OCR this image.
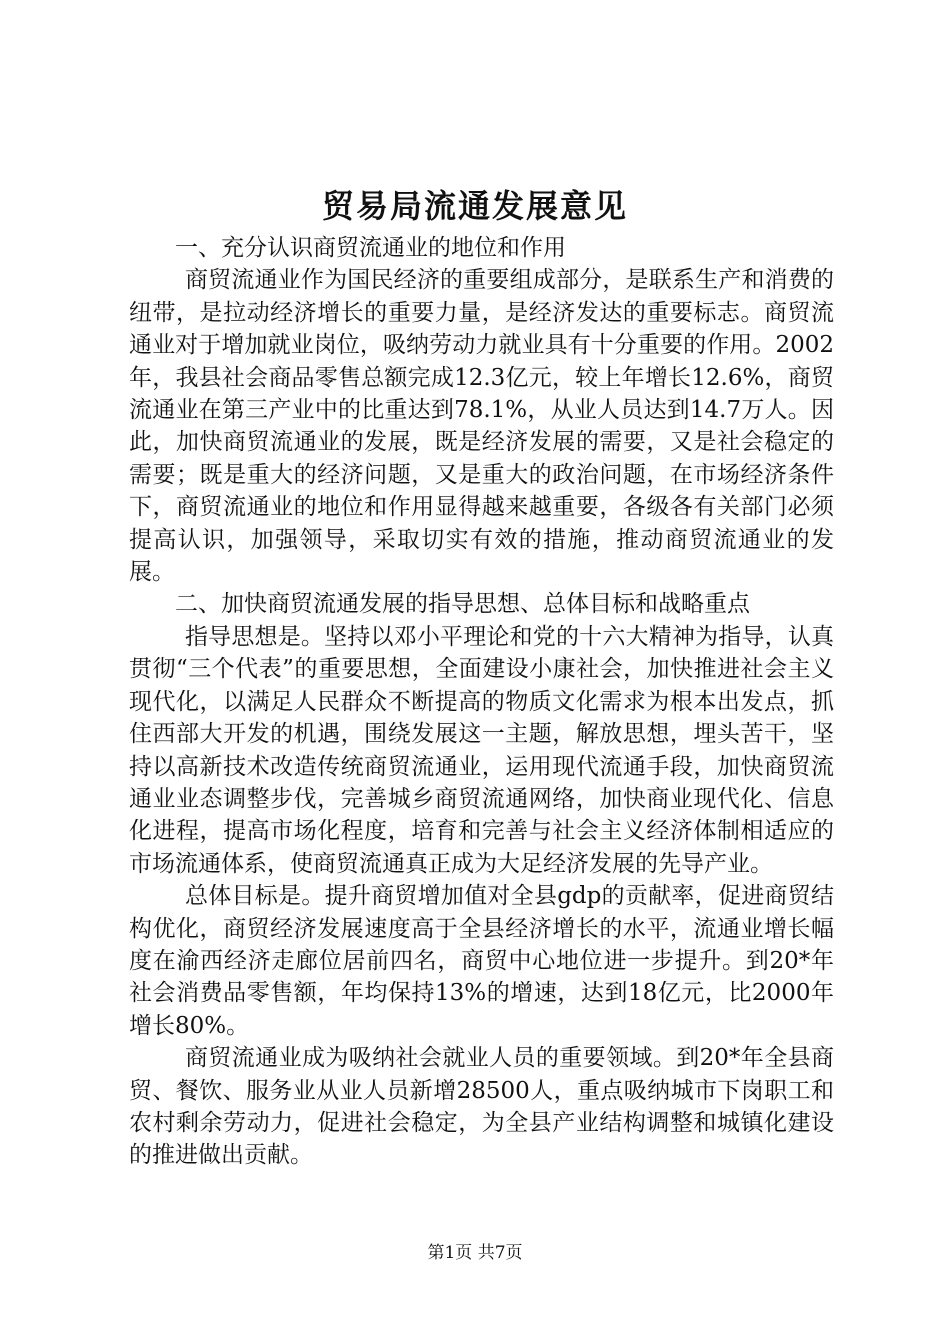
贸易局流通发展意见

一、充分认识商贸流通业的地位和作用

商贸流通业作为国民经济的重要组成部分，是联系生产和消费的纽带，是拉动经济增长的重要力量，是经济发达的重要标志。商贸流通业对于增加就业岗位，吸纳劳动力就业具有十分重要的作用。2002年，我县社会商品零售总额完成12.3亿元，较上年增长12.6%，商贸流通业在第三产业中的比重达到78.1%，从业人员达到14.7万人。因此，加快商贸流通业的发展，既是经济发展的需要，又是社会稳定的需要；既是重大的经济问题，又是重大的政治问题，在市场经济条件下，商贸流通业的地位和作用显得越来越重要，各级各有关部门必须提高认识，加强领导，采取切实有效的措施，推动商贸流通业的发展。

二、加快商贸流通发展的指导思想、总体目标和战略重点

指导思想是。坚持以邓小平理论和党的十六大精神为指导，认真贯彻“三个代表”的重要思想，全面建设小康社会，加快推进社会主义现代化，以满足人民群众不断提高的物质文化需求为根本出发点，抓住西部大开发的机遇，围绕发展这一主题，解放思想，埋头苦干，坚持以高新技术改造传统商贸流通业，运用现代流通手段，加快商贸流通业业态调整步伐，完善城乡商贸流通网络，加快商业现代化、信息化进程，提高市场化程度，培育和完善与社会主义经济体制相适应的市场流通体系，使商贸流通真正成为大足经济发展的先导产业。

总体目标是。提升商贸增加值对全县gdp的贡献率，促进商贸结构优化，商贸经济发展速度高于全县经济增长的水平，流通业增长幅度在渝西经济走廊位居前四名，商贸中心地位进一步提升。到20*年社会消费品零售额，年均保持13%的增速，达到18亿元，比2000年增长80%。

商贸流通业成为吸纳社会就业人员的重要领域。到20*年全县商贸、餐饮、服务业从业人员新增28500人，重点吸纳城市下岗职工和农村剩余劳动力，促进社会稳定，为全县产业结构调整和城镇化建设的推进做出贡献。

第1页 共7页
